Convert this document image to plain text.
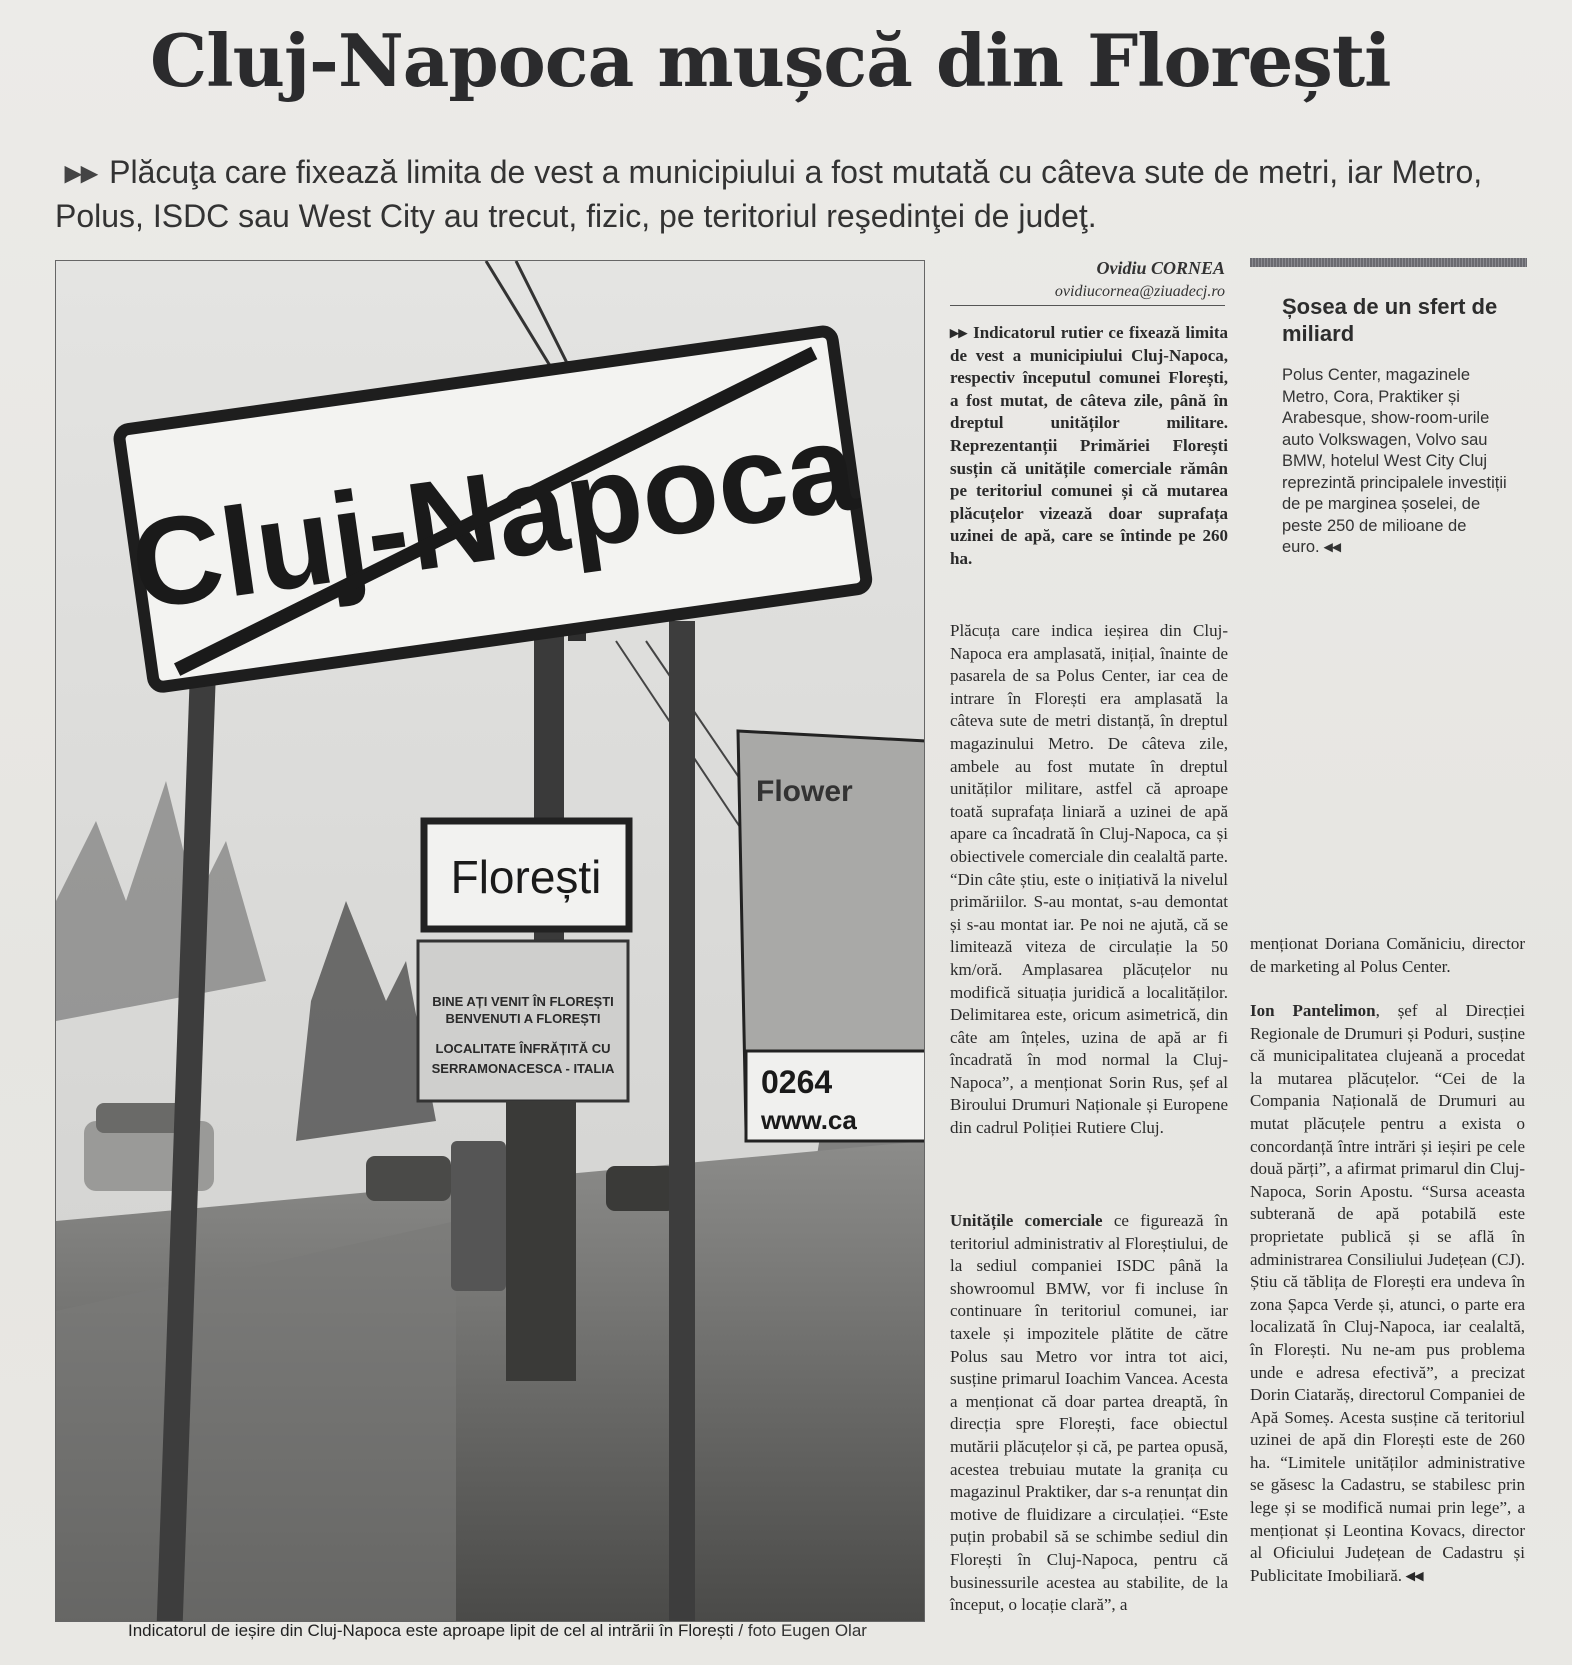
Cluj-Napoca mușcă din Florești
▸▸ Plăcuţa care fixează limita de vest a municipiului a fost mutată cu câteva sute de metri, iar Metro, Polus, ISDC sau West City au trecut, fizic, pe teritoriul reşedinţei de judeţ.
Florești
BINE AȚI VENIT ÎN FLOREȘTI
BENVENUTI A FLOREȘTI
LOCALITATE ÎNFRĂȚITĂ CU
SERRAMONACESCA - ITALIA
Flower
0264
www.ca
Indicatorul de ieșire din Cluj-Napoca este aproape lipit de cel al intrării în Florești / foto Eugen Olar
Ovidiu CORNEA
ovidiucornea@ziuadecj.ro
▸▸ Indicatorul rutier ce fixează limita de vest a municipiului Cluj-Napoca, respectiv începutul comunei Florești, a fost mutat, de câteva zile, până în dreptul unităților militare. Reprezentanții Primăriei Florești susțin că unitățile comerciale rămân pe teritoriul comunei și că mutarea plăcuțelor vizează doar suprafața uzinei de apă, care se întinde pe 260 ha.
Plăcuța care indica ieșirea din Cluj-Napoca era amplasată, inițial, înainte de pasarela de sa Polus Center, iar cea de intrare în Florești era amplasată la câteva sute de metri distanță, în dreptul magazinului Metro. De câteva zile, ambele au fost mutate în dreptul unităților militare, astfel că aproape toată suprafața liniară a uzinei de apă apare ca încadrată în Cluj-Napoca, ca și obiectivele comerciale din cealaltă parte. “Din câte știu, este o inițiativă la nivelul primăriilor. S-au montat, s-au demontat și s-au montat iar. Pe noi ne ajută, că se limitează viteza de circulație la 50 km/oră. Amplasarea plăcuțelor nu modifică situația juridică a localităților. Delimitarea este, oricum asimetrică, din câte am înțeles, uzina de apă ar fi încadrată în mod normal la Cluj-Napoca”, a menționat Sorin Rus, șef al Biroului Drumuri Naționale și Europene din cadrul Poliției Rutiere Cluj.
Unitățile comerciale ce figurează în teritoriul administrativ al Floreștiului, de la sediul companiei ISDC până la showroomul BMW, vor fi incluse în continuare în teritoriul comunei, iar taxele și impozitele plătite de către Polus sau Metro vor intra tot aici, susține primarul Ioachim Vancea. Acesta a menționat că doar partea dreaptă, în direcția spre Florești, face obiectul mutării plăcuțelor și că, pe partea opusă, acestea trebuiau mutate la granița cu magazinul Praktiker, dar s-a renunțat din motive de fluidizare a circulației. “Este puțin probabil să se schimbe sediul din Florești în Cluj-Napoca, pentru că businessurile acestea au stabilite, de la început, o locație clară”, a
Șosea de un sfert de miliard
Polus Center, magazinele Metro, Cora, Praktiker și Arabesque, show-room-urile auto Volkswagen, Volvo sau BMW, hotelul West City Cluj reprezintă principalele investiții de pe marginea șoselei, de peste 250 de milioane de euro. ◂◂
menționat Doriana Comăniciu, director de marketing al Polus Center.
Ion Pantelimon, șef al Direcției Regionale de Drumuri și Poduri, susține că municipalitatea clujeană a procedat la mutarea plăcuțelor. “Cei de la Compania Națională de Drumuri au mutat plăcuțele pentru a exista o concordanță între intrări și ieșiri pe cele două părți”, a afirmat primarul din Cluj-Napoca, Sorin Apostu. “Sursa aceasta subterană de apă potabilă este proprietate publică și se află în administrarea Consiliului Județean (CJ). Știu că tăblița de Florești era undeva în zona Șapca Verde și, atunci, o parte era localizată în Cluj-Napoca, iar cealaltă, în Florești. Nu ne-am pus problema unde e adresa efectivă”, a precizat Dorin Ciatarăș, directorul Companiei de Apă Someș. Acesta susține că teritoriul uzinei de apă din Florești este de 260 ha. “Limitele unităților administrative se găsesc la Cadastru, se stabilesc prin lege și se modifică numai prin lege”, a menționat și Leontina Kovacs, director al Oficiului Județean de Cadastru și Publicitate Imobiliară. ◂◂
